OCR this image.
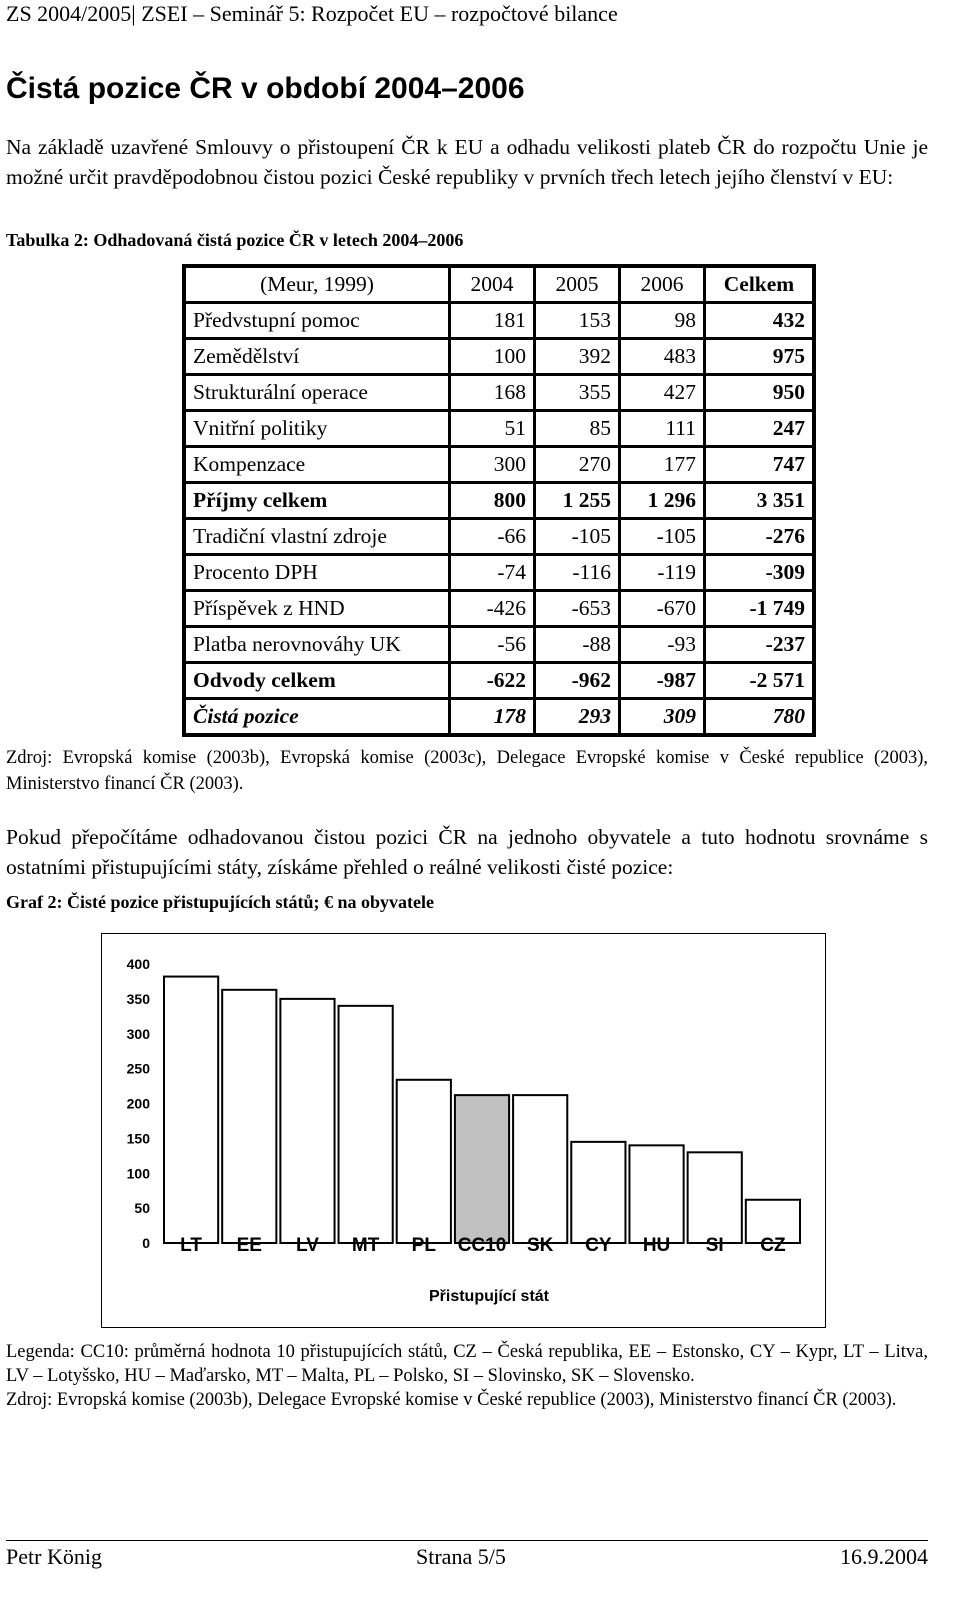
ZS 2004/2005| ZSEI – Seminář 5: Rozpočet EU – rozpočtové bilance
Čistá pozice ČR v období 2004–2006
Na základě uzavřené Smlouvy o přistoupení ČR k EU a odhadu velikosti plateb ČR do rozpočtu Unie je možné určit pravděpodobnou čistou pozici České republiky v prvních třech letech jejího členství v EU:
Tabulka 2: Odhadovaná čistá pozice ČR v letech 2004–2006
(Meur, 1999)	2004	2005	2006	Celkem
Předvstupní pomoc	181	153	98	432
Zemědělství	100	392	483	975
Strukturální operace	168	355	427	950
Vnitřní politiky	51	85	111	247
Kompenzace	300	270	177	747
Příjmy celkem	800	1 255	1 296	3 351
Tradiční vlastní zdroje	-66	-105	-105	-276
Procento DPH	-74	-116	-119	-309
Příspěvek z HND	-426	-653	-670	-1 749
Platba nerovnováhy UK	-56	-88	-93	-237
Odvody celkem	-622	-962	-987	-2 571
Čistá pozice	178	293	309	780
Zdroj: Evropská komise (2003b), Evropská komise (2003c), Delegace Evropské komise v České republice (2003), Ministerstvo financí ČR (2003).
Pokud přepočítáme odhadovanou čistou pozici ČR na jednoho obyvatele a tuto hodnotu srovnáme s ostatními přistupujícími státy, získáme přehled o reálné velikosti čisté pozice:
Graf 2: Čisté pozice přistupujících států; € na obyvatele
0
50
100
150
200
250
300
350
400
LT EE LV MT PL CC10 SK CY HU SI CZ
Přistupující stát
Legenda: CC10: průměrná hodnota 10 přistupujících států, CZ – Česká republika, EE – Estonsko, CY – Kypr, LT – Litva, LV – Lotyšsko, HU – Maďarsko, MT – Malta, PL – Polsko, SI – Slovinsko, SK – Slovensko.
Zdroj: Evropská komise (2003b), Delegace Evropské komise v České republice (2003), Ministerstvo financí ČR (2003).
Petr König	Strana 5/5	16.9.2004
